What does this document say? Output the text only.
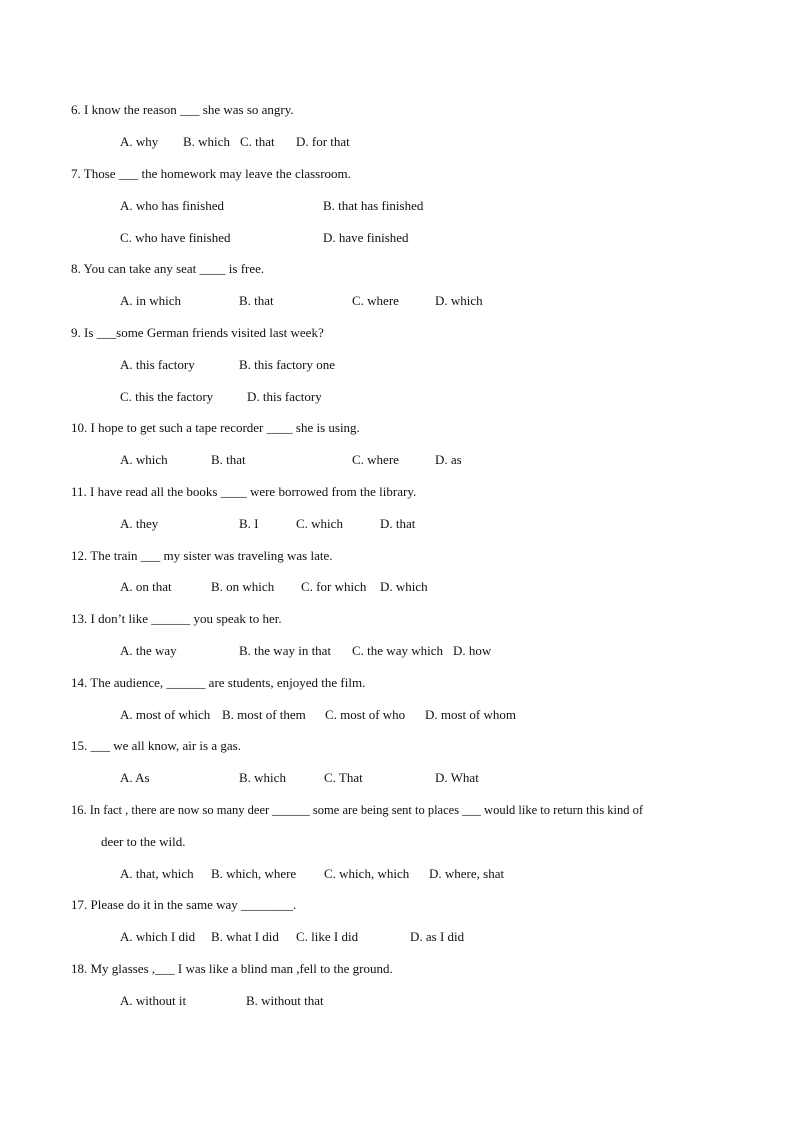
6. I know the reason ___ she was so angry.
A. why B. which C. that D. for that
7. Those ___ the homework may leave the classroom.
A. who has finished	B. that has finished
C. who have finished	D. have finished
8. You can take any seat ____ is free.
A. in which	B. that	C. where	D. which
9. Is ___some German friends visited last week?
A. this factory	B. this factory one
C. this the factory	D. this factory
10. I hope to get such a tape recorder ____ she is using.
A. which	B. that	C. where	D. as
11. I have read all the books ____ were borrowed from the library.
A. they	B. I	C. which	D. that
12. The train ___ my sister was traveling was late.
A. on that	B. on which C. for which D. which
13. I don’t like ______ you speak to her.
A. the way	B. the way in that C. the way which D. how
14. The audience, ______ are students, enjoyed the film.
A. most of which B. most of them C. most of who D. most of whom
15. ___ we all know, air is a gas.
A. As	B. which	C. That	D. What
16. In fact , there are now so many deer ______ some are being sent to places ___ would like to return this kind of
deer to the wild.
A. that, which B. which, where C. which, which D. where, shat
17. Please do it in the same way ________.
A. which I did B. what I did C. like I did	D. as I did
18. My glasses ,___ I was like a blind man ,fell to the ground.
A. without it	B. without that
